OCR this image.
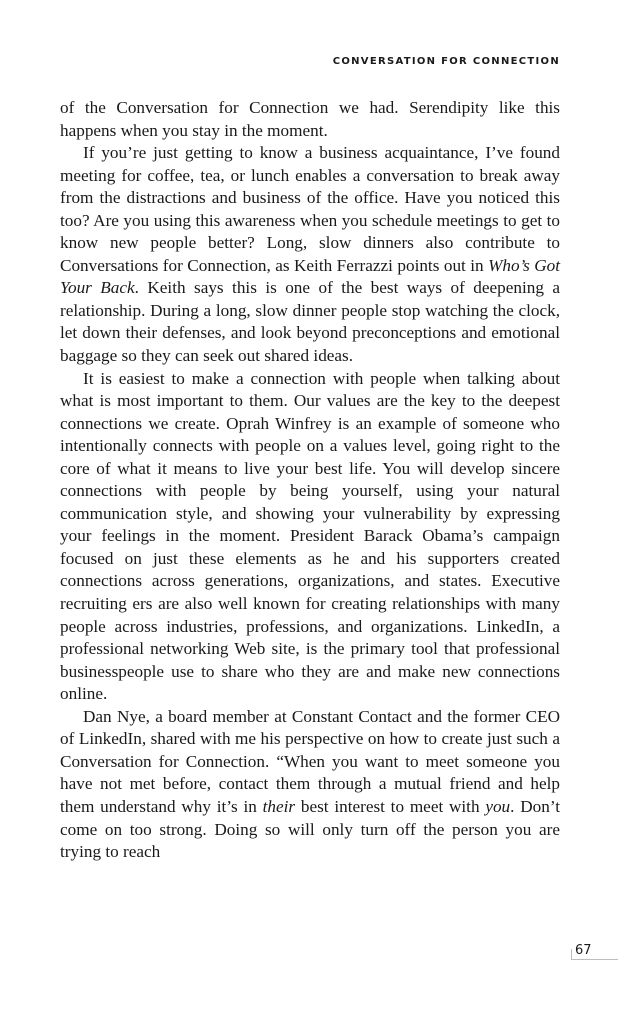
CONVERSATION FOR CONNECTION

of the Conversation for Connection we had. Serendipity like this happens when you stay in the moment.

If you’re just getting to know a business acquaintance, I’ve found meeting for coffee, tea, or lunch enables a conversation to break away from the distractions and business of the office. Have you noticed this too? Are you using this awareness when you schedule meetings to get to know new people better? Long, slow dinners also contribute to Conversations for Connection, as Keith Ferrazzi points out in Who’s Got Your Back. Keith says this is one of the best ways of deepening a relationship. During a long, slow dinner people stop watching the clock, let down their defenses, and look beyond preconceptions and emotional baggage so they can seek out shared ideas.

It is easiest to make a connection with people when talking about what is most important to them. Our values are the key to the deepest connections we create. Oprah Winfrey is an example of someone who intentionally connects with people on a values level, going right to the core of what it means to live your best life. You will develop sincere connections with people by being yourself, using your natural communication style, and showing your vulnerability by expressing your feelings in the moment. President Barack Obama’s campaign focused on just these elements as he and his supporters created connections across generations, organizations, and states. Executive recruiting ers are also well known for creating relationships with many people across industries, professions, and organizations. LinkedIn, a professional networking Web site, is the primary tool that professional businesspeople use to share who they are and make new connections online.

Dan Nye, a board member at Constant Contact and the former CEO of LinkedIn, shared with me his perspective on how to create just such a Conversation for Connection. “When you want to meet someone you have not met before, contact them through a mutual friend and help them understand why it’s in their best interest to meet with you. Don’t come on too strong. Doing so will only turn off the person you are trying to reach

67
